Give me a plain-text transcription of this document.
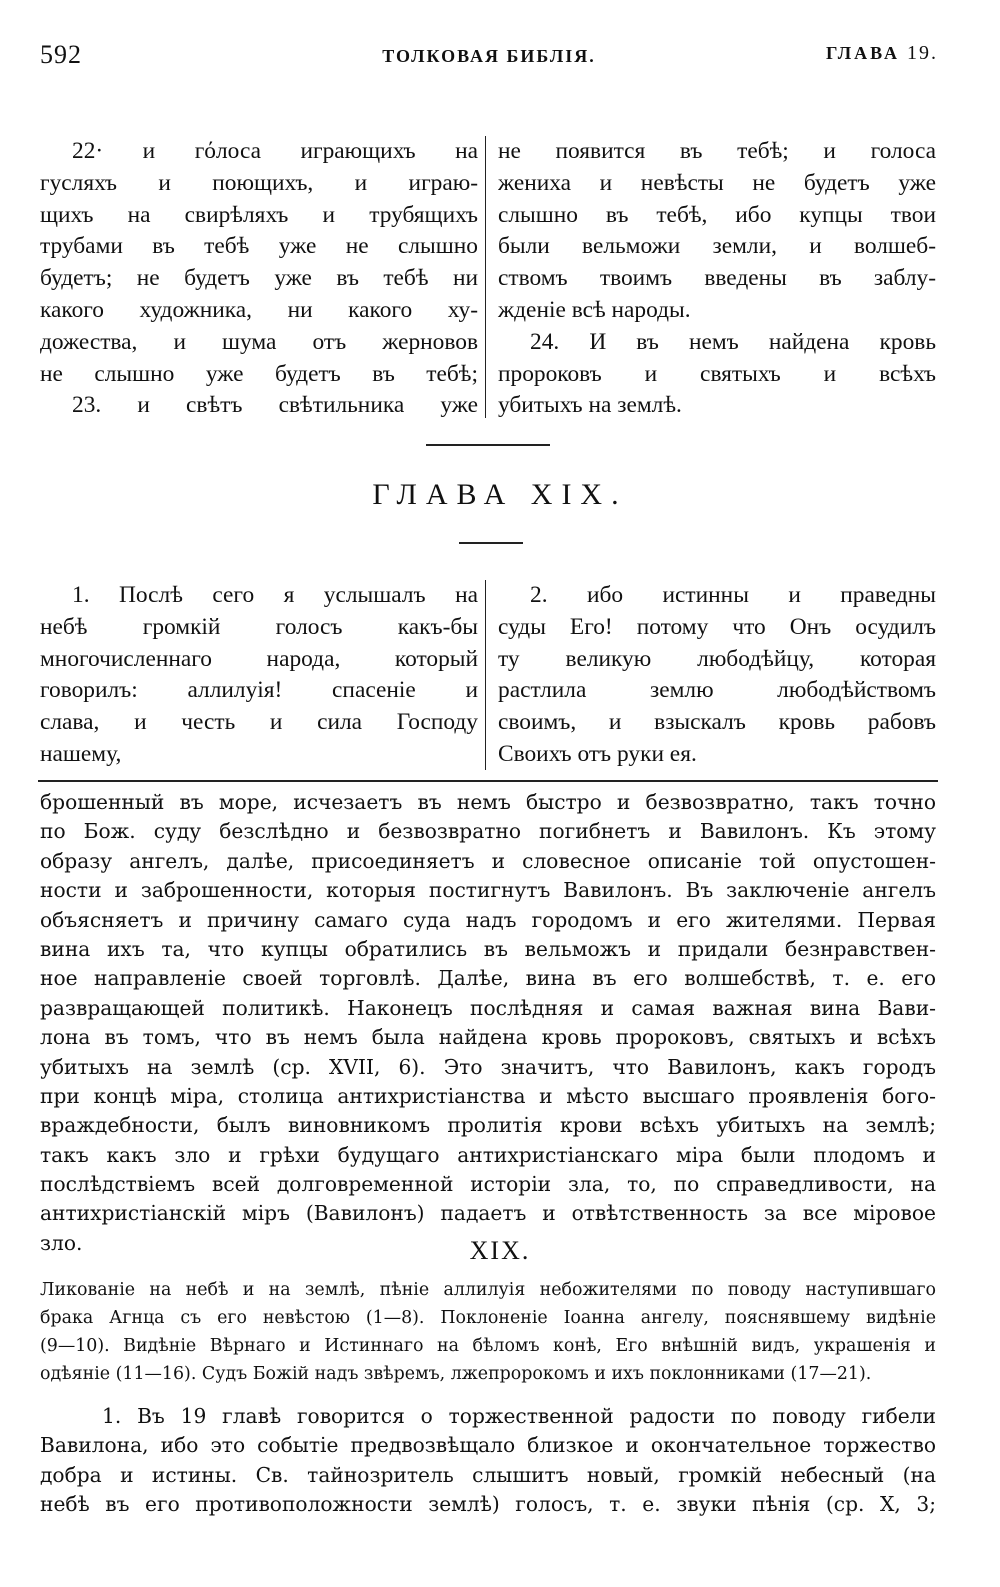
592	ТОЛКОВАЯ БИБЛІЯ.	ГЛАВА 19.
22· и гόлоса играющихъ на
гусляхъ и поющихъ, и играю-
щихъ на свирѣляхъ и трубящихъ
трубами въ тебѣ уже не слышно
будетъ; не будетъ уже въ тебѣ ни
какого художника, ни какого ху-
дожества, и шума отъ жерновов
не слышно уже будетъ въ тебѣ;
23. и свѣтъ свѣтильника уже
не появится въ тебѣ; и голоса
жениха и невѣсты не будетъ уже
слышно въ тебѣ, ибо купцы твои
были вельможи земли, и волшеб-
ствомъ твоимъ введены въ заблу-
жденіе всѣ народы.
24. И въ немъ найдена кровь
пророковъ и святыхъ и всѣхъ
убитыхъ на землѣ.
ГЛАВА XIX.
1. Послѣ сего я услышалъ на
небѣ громкій голосъ какъ-бы
многочисленнаго народа, который
говорилъ: аллилуія! спасеніе и
слава, и честь и сила Господу
нашему,
2. ибо истинны и праведны
суды Его! потому что Онъ осудилъ
ту великую любодѣйцу, которая
растлила землю любодѣйствомъ
своимъ, и взыскалъ кровь рабовъ
Своихъ отъ руки ея.
брошенный въ море, исчезаетъ въ немъ быстро и безвозвратно, такъ точно
по Бож. суду безслѣдно и безвозвратно погибнетъ и Вавилонъ. Къ этому
образу ангелъ, далѣе, присоединяетъ и словесное описаніе той опустошен-
ности и заброшенности, которыя постигнутъ Вавилонъ. Въ заключеніе ангелъ
объясняетъ и причину самаго суда надъ городомъ и его жителями. Первая
вина ихъ та, что купцы обратились въ вельможъ и придали безнравствен-
ное направленіе своей торговлѣ. Далѣе, вина въ его волшебствѣ, т. е. его
развращающей политикѣ. Наконецъ послѣдняя и самая важная вина Вави-
лона въ томъ, что въ немъ была найдена кровь пророковъ, святыхъ и всѣхъ
убитыхъ на землѣ (ср. XVII, 6). Это значитъ, что Вавилонъ, какъ городъ
при концѣ міра, столица антихристіанства и мѣсто высшаго проявленія бого-
враждебности, былъ виновникомъ пролитія крови всѣхъ убитыхъ на землѣ;
такъ какъ зло и грѣхи будущаго антихристіанскаго міра были плодомъ и
послѣдствіемъ всей долговременной исторіи зла, то, по справедливости, на
антихристіанскій міръ (Вавилонъ) падаетъ и отвѣтственность за все міровое
зло.	XIX.
Ликованіе на небѣ и на землѣ, пѣніе аллилуія небожителями по поводу наступившаго
брака Агнца съ его невѣстою (1—8). Поклоненіе Іоанна ангелу, пояснявшему видѣніе
(9—10). Видѣніе Вѣрнаго и Истиннаго на бѣломъ конѣ, Его внѣшній видъ, украшенія и
одѣяніе (11—16). Судъ Божій надъ звѣремъ, лжепророкомъ и ихъ поклонниками (17—21).
1. Въ 19 главѣ говорится о торжественной радости по поводу гибели
Вавилона, ибо это событіе предвозвѣщало близкое и окончательное торжество
добра и истины. Св. тайнозритель слышитъ новый, громкій небесный (на
небѣ въ его противоположности землѣ) голосъ, т. е. звуки пѣнія (ср. X, 3;
